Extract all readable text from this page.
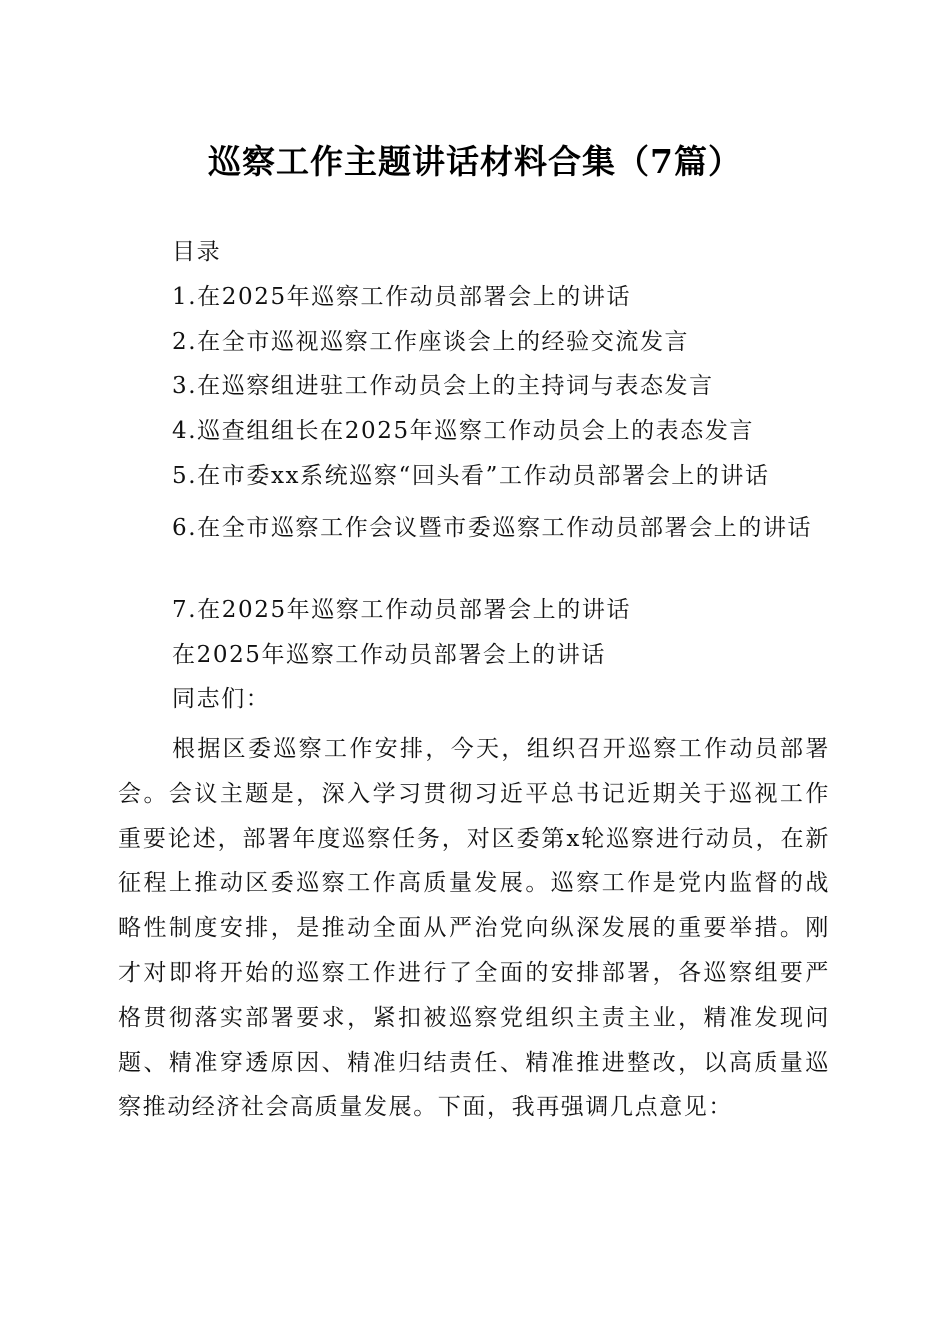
巡察工作主题讲话材料合集（7篇）
目录
1.在2025年巡察工作动员部署会上的讲话
2.在全市巡视巡察工作座谈会上的经验交流发言
3.在巡察组进驻工作动员会上的主持词与表态发言
4.巡查组组长在2025年巡察工作动员会上的表态发言
5.在市委xx系统巡察“回头看”工作动员部署会上的讲话
6.在全市巡察工作会议暨市委巡察工作动员部署会上的讲话
7.在2025年巡察工作动员部署会上的讲话
在2025年巡察工作动员部署会上的讲话
同志们：
根据区委巡察工作安排，今天，组织召开巡察工作动员部署会。会议主题是，深入学习贯彻习近平总书记近期关于巡视工作重要论述，部署年度巡察任务，对区委第x轮巡察进行动员，在新征程上推动区委巡察工作高质量发展。巡察工作是党内监督的战略性制度安排，是推动全面从严治党向纵深发展的重要举措。刚才对即将开始的巡察工作进行了全面的安排部署，各巡察组要严格贯彻落实部署要求，紧扣被巡察党组织主责主业，精准发现问题、精准穿透原因、精准归结责任、精准推进整改，以高质量巡察推动经济社会高质量发展。下面，我再强调几点意见：
